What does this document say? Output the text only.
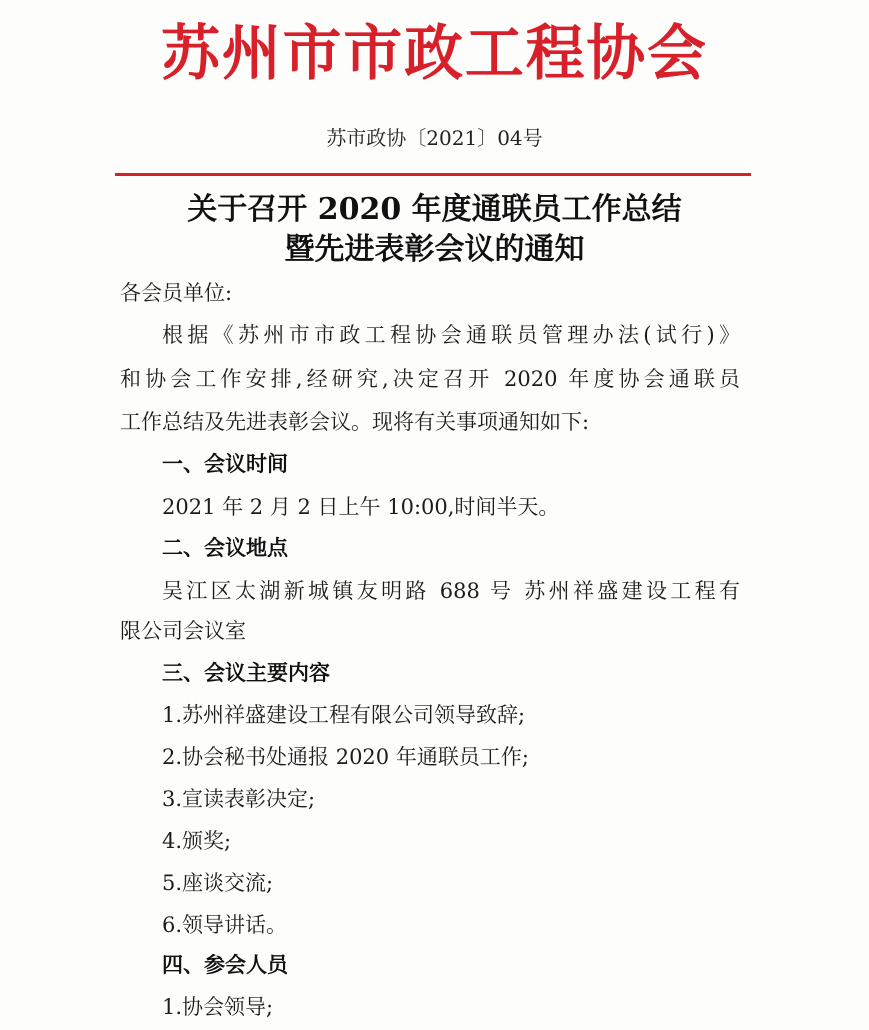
苏州市市政工程协会
苏市政协〔2021〕04号
关于召开 2020 年度通联员工作总结
暨先进表彰会议的通知
各会员单位:
根据《苏州市市政工程协会通联员管理办法(试行)》
和协会工作安排,经研究,决定召开 2020 年度协会通联员
工作总结及先进表彰会议。现将有关事项通知如下:
一、会议时间
2021 年 2 月 2 日上午 10:00,时间半天。
二、会议地点
吴江区太湖新城镇友明路 688 号 苏州祥盛建设工程有
限公司会议室
三、会议主要内容
1.苏州祥盛建设工程有限公司领导致辞;
2.协会秘书处通报 2020 年通联员工作;
3.宣读表彰决定;
4.颁奖;
5.座谈交流;
6.领导讲话。
四、参会人员
1.协会领导;
